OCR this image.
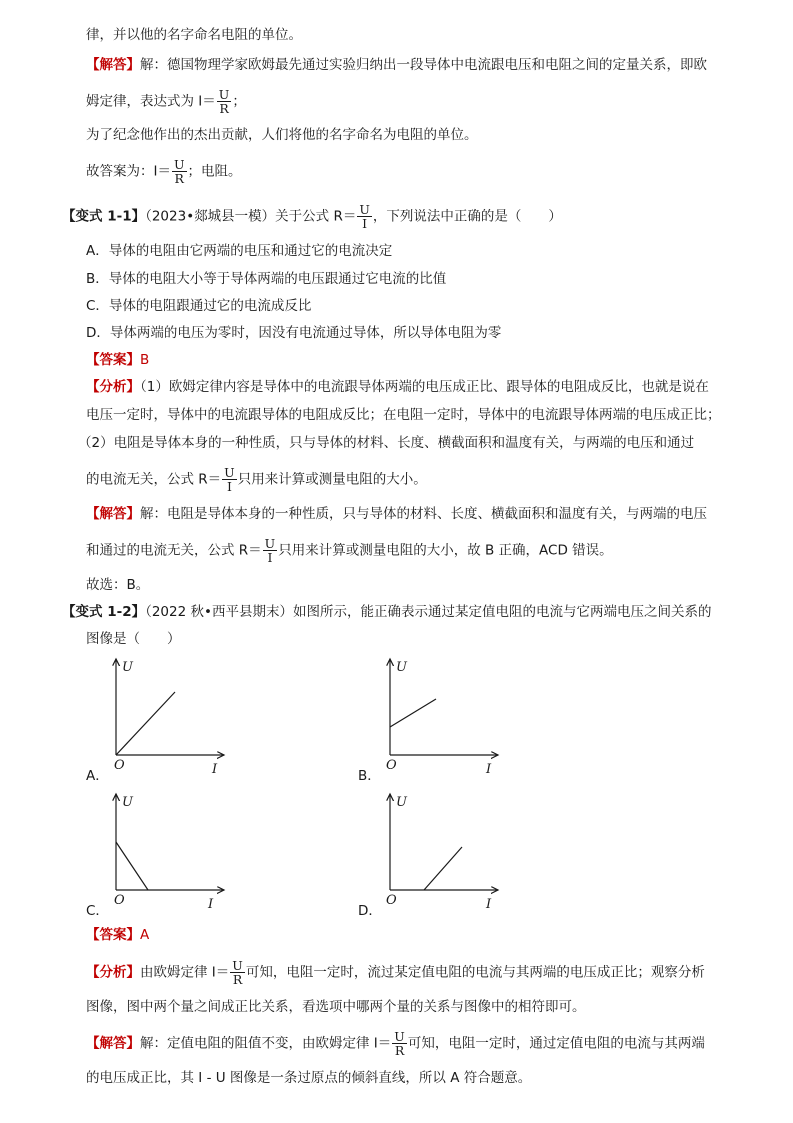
律，并以他的名字命名电阻的单位。
【解答】解：德国物理学家欧姆最先通过实验归纳出一段导体中电流跟电压和电阻之间的定量关系，即欧
姆定律，表达式为 $I= \frac{U}{R}$ ；
为了纪念他作出的杰出贡献，人们将他的名字命名为电阻的单位。
故答案为：$I= \frac{U}{R}$ ；电阻。
【变式 1-1】（2023•郯城县一模）关于公式 $R= \frac{U}{I}$ ，下列说法中正确的是（　　）
A．导体的电阻由它两端的电压和通过它的电流决定
B．导体的电阻大小等于导体两端的电压跟通过它电流的比值
C．导体的电阻跟通过它的电流成反比
D．导体两端的电压为零时，因没有电流通过导体，所以导体电阻为零
【答案】B
【分析】（1）欧姆定律内容是导体中的电流跟导体两端的电压成正比、跟导体的电阻成反比，也就是说在
电压一定时，导体中的电流跟导体的电阻成反比；在电阻一定时，导体中的电流跟导体两端的电压成正比；
（2）电阻是导体本身的一种性质，只与导体的材料、长度、横截面积和温度有关，与两端的电压和通过
的电流无关，公式 $R= \frac{U}{I}$ 只用来计算或测量电阻的大小。
【解答】解：电阻是导体本身的一种性质，只与导体的材料、长度、横截面积和温度有关，与两端的电压
和通过的电流无关，公式 $R= \frac{U}{I}$ 只用来计算或测量电阻的大小，故 B 正确，ACD 错误。
故选：B。
【变式 1-2】（2022 秋•西平县期末）如图所示，能正确表示通过某定值电阻的电流与它两端电压之间关系的
图像是（　　）
U
I
O
A．
U
I
O
B．
U
I
O
C．
U
I
O
D．
【答案】A
【分析】由欧姆定律 $I= \frac{U}{R}$ 可知，电阻一定时，流过某定值电阻的电流与其两端的电压成正比；观察分析
图像，图中两个量之间成正比关系，看选项中哪两个量的关系与图像中的相符即可。
【解答】解：定值电阻的阻值不变，由欧姆定律 $I= \frac{U}{R}$ 可知，电阻一定时，通过定值电阻的电流与其两端
的电压成正比，其 I - U 图像是一条过原点的倾斜直线，所以 A 符合题意。
